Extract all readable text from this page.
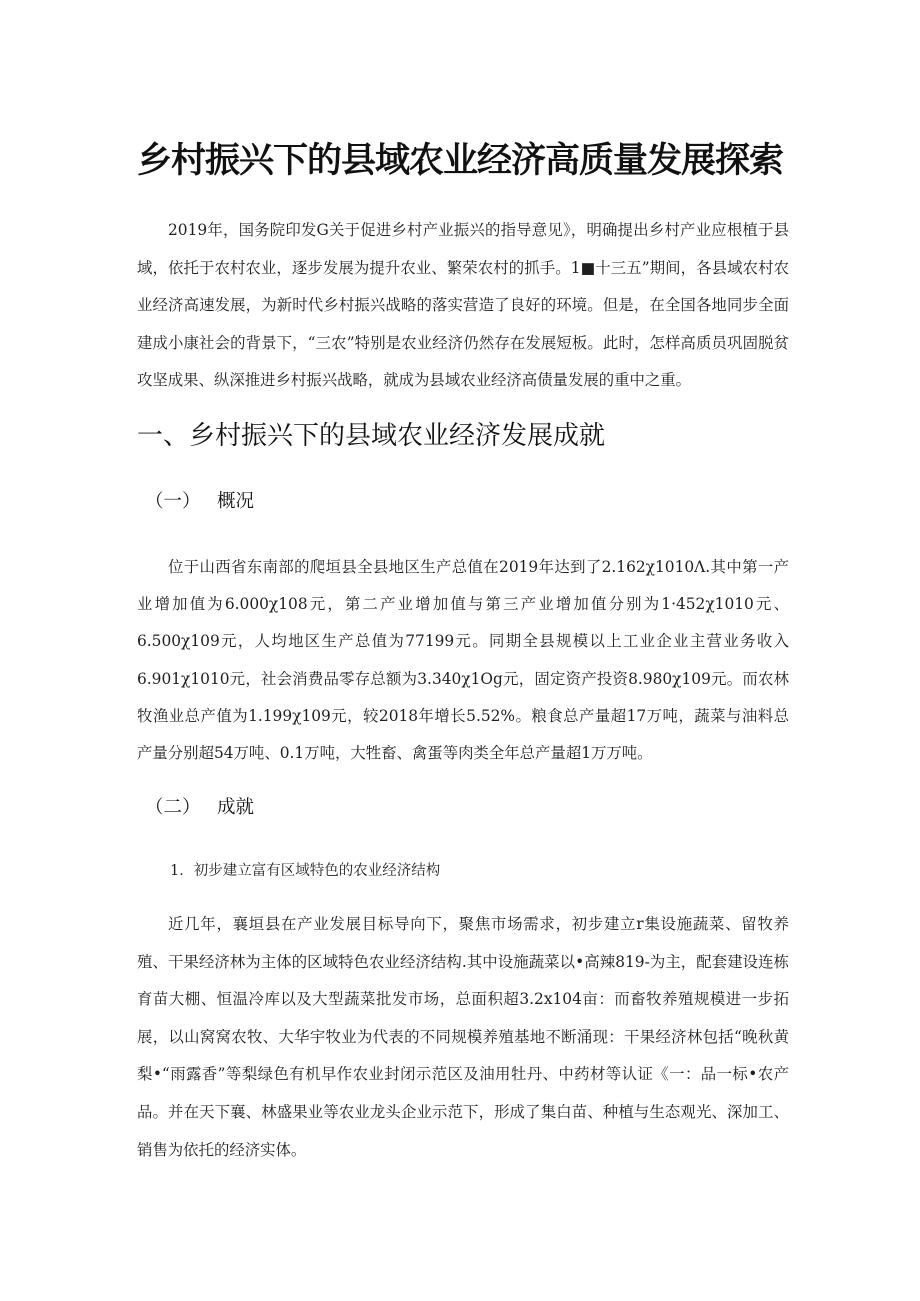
乡村振兴下的县域农业经济高质量发展探索

2019年，国务院印发G关于促进乡村产业振兴的指导意见》，明确提出乡村产业应根植于县域，依托于农村农业，逐步发展为提升农业、繁荣农村的抓手。1■十三五”期间，各县域农村农业经济高速发展，为新时代乡村振兴战略的落实营造了良好的环境。但是，在全国各地同步全面建成小康社会的背景下，“三农”特别是农业经济仍然存在发展短板。此时，怎样高质员巩固脱贫攻坚成果、纵深推进乡村振兴战略，就成为县域农业经济高债量发展的重中之重。

一、乡村振兴下的县域农业经济发展成就
（一） 概况

位于山西省东南部的爬垣县全县地区生产总值在2019年达到了2.162χ1010Λ.其中第一产业增加值为6.000χ108元，第二产业增加值与第三产业增加值分别为1·452χ1010元、6.500χ109元，人均地区生产总值为77199元。同期全县规模以上工业企业主营业务收入6.901χ1010元，社会消费品零存总额为3.340χ1Og元，固定资产投资8.980χ109元。而农林牧渔业总产值为1.199χ109元，较2018年增长5.52%。粮食总产量超17万吨，蔬菜与油料总产量分别超54万吨、0.1万吨，大牲畜、禽蛋等肉类全年总产量超1万万吨。

（二） 成就
1．初步建立富有区域特色的农业经济结构

近几年，襄垣县在产业发展目标导向下，聚焦市场需求，初步建立r集设施蔬菜、留牧养殖、干果经济林为主体的区域特色农业经济结构.其中设施蔬菜以•高辣819-为主，配套建设连栋育苗大棚、恒温冷库以及大型蔬菜批发市场，总面积超3.2x104亩：而畜牧养殖规模进一步拓展，以山窝窝农牧、大华宇牧业为代表的不同规模养殖基地不断涌现：干果经济林包括“晚秋黄梨•“雨露香”等梨绿色有机早作农业封闭示范区及油用牡丹、中药材等认证《一：品一标•农产品。并在天下襄、林盛果业等农业龙头企业示范下，形成了集白苗、种植与生态观光、深加工、销售为依托的经济实体。
